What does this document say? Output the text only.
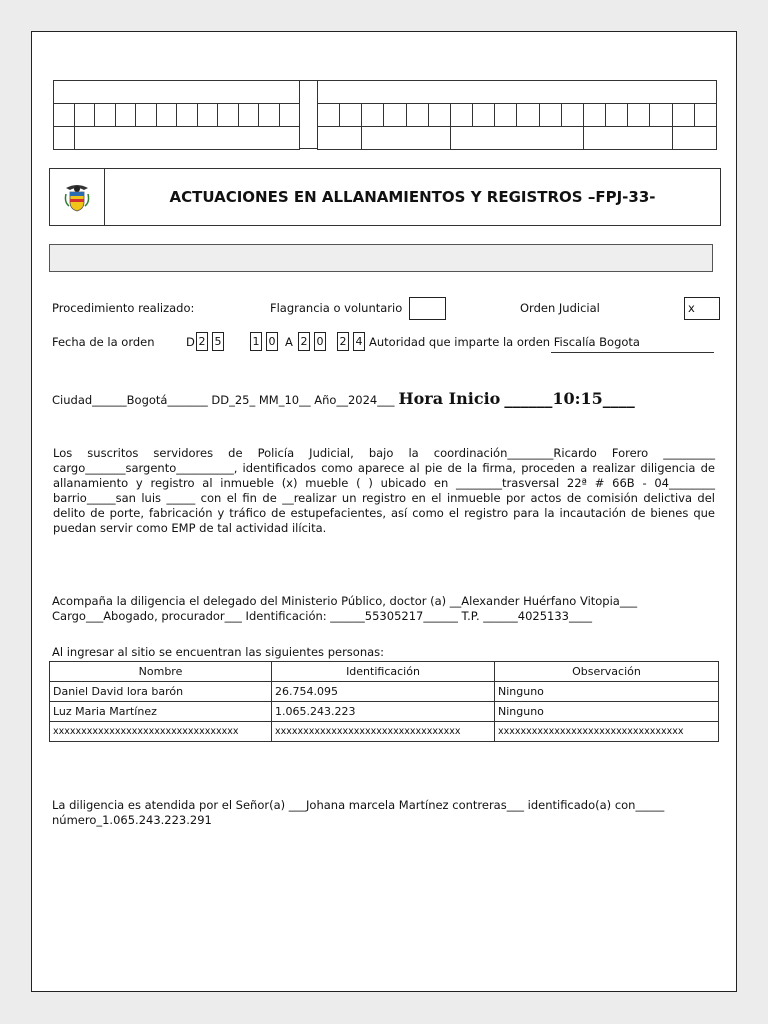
ACTUACIONES EN ALLANAMIENTOS Y REGISTROS –FPJ-33-
Procedimiento realizado:	Flagrancia o voluntario	Orden Judicial	x
Fecha de la orden	D 2 5	1 0 A 2 0 2 4 Autoridad que imparte la orden Fiscalía Bogota
Ciudad______Bogotá_______ DD_25_ MM_10__ Año__2024___ Hora Inicio ______10:15____
Los suscritos servidores de Policía Judicial, bajo la coordinación________Ricardo Forero _________ cargo_______sargento__________, identificados como aparece al pie de la firma, proceden a realizar diligencia de allanamiento y registro al inmueble (x) mueble ( ) ubicado en ________trasversal 22ª # 66B - 04________ barrio_____san luis _____ con el fin de __realizar un registro en el inmueble por actos de comisión delictiva del delito de porte, fabricación y tráfico de estupefacientes, así como el registro para la incautación de bienes que puedan servir como EMP de tal actividad ilícita.
Acompaña la diligencia el delegado del Ministerio Público, doctor (a) __Alexander Huérfano Vitopia___
Cargo___Abogado, procurador___ Identificación: ______55305217______ T.P. ______4025133____
Al ingresar al sitio se encuentran las siguientes personas:
Nombre	Identificación	Observación
Daniel David lora barón	26.754.095	Ninguno
Luz Maria Martínez	1.065.243.223	Ninguno
xxxxxxxxxxxxxxxxxxxxxxxxxxxxxxxxx	xxxxxxxxxxxxxxxxxxxxxxxxxxxxxxxxx	xxxxxxxxxxxxxxxxxxxxxxxxxxxxxxxxx
La diligencia es atendida por el Señor(a) ___Johana marcela Martínez contreras___ identificado(a) con_____
número_1.065.243.223.291
